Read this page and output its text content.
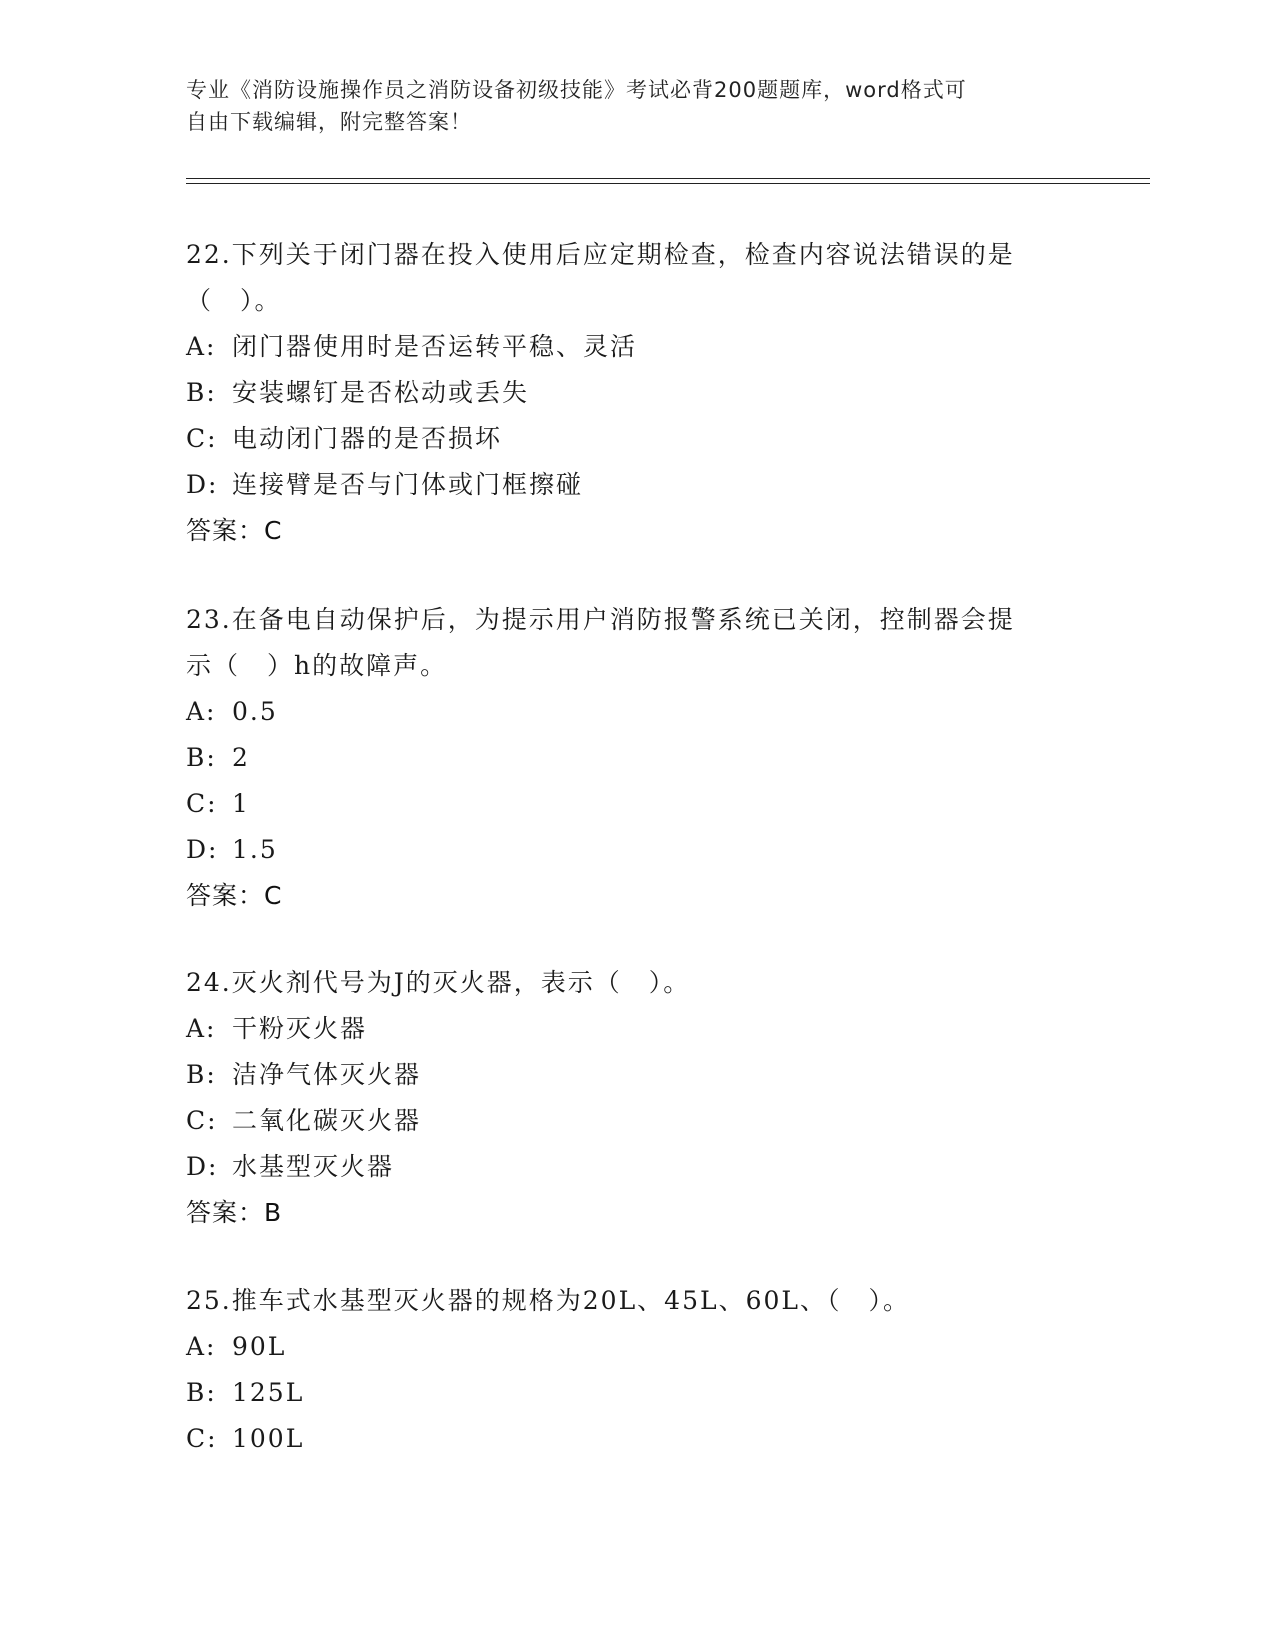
专业《消防设施操作员之消防设备初级技能》考试必背200题题库，word格式可
自由下载编辑，附完整答案！

22.下列关于闭门器在投入使用后应定期检查，检查内容说法错误的是

（　）。

A: 闭门器使用时是否运转平稳、灵活

B: 安装螺钉是否松动或丢失

C: 电动闭门器的是否损坏

D: 连接臂是否与门体或门框擦碰

答案：C

23.在备电自动保护后，为提示用户消防报警系统已关闭，控制器会提

示（　）h的故障声。

A: 0.5

B: 2

C: 1

D: 1.5

答案：C

24.灭火剂代号为J的灭火器，表示（　）。

A: 干粉灭火器

B: 洁净气体灭火器

C: 二氧化碳灭火器

D: 水基型灭火器

答案：B

25.推车式水基型灭火器的规格为20L、45L、60L、（　）。

A: 90L

B: 125L

C: 100L
